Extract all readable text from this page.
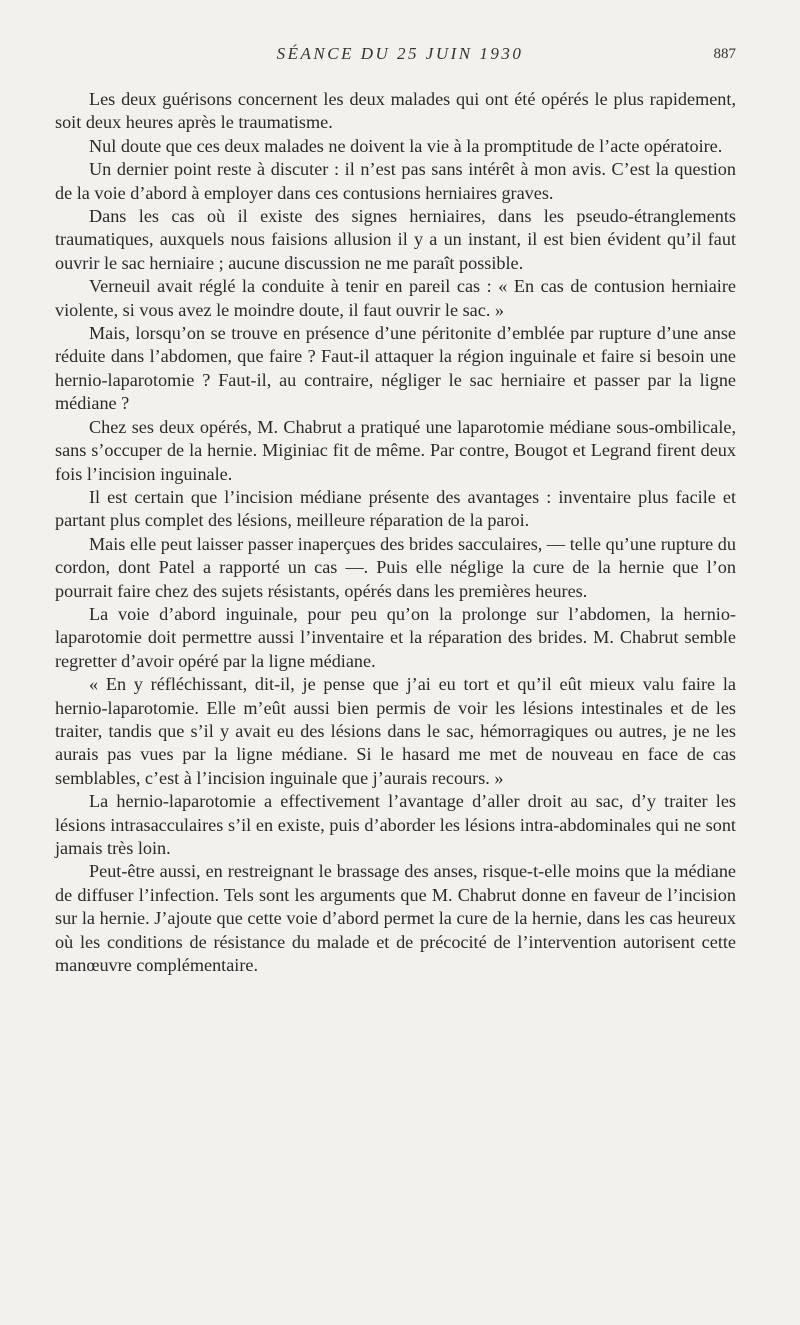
SÉANCE DU 25 JUIN 1930	887

Les deux guérisons concernent les deux malades qui ont été opérés le plus rapidement, soit deux heures après le traumatisme.

Nul doute que ces deux malades ne doivent la vie à la promptitude de l’acte opératoire.

Un dernier point reste à discuter : il n’est pas sans intérêt à mon avis. C’est la question de la voie d’abord à employer dans ces contusions herniaires graves.

Dans les cas où il existe des signes herniaires, dans les pseudo-étranglements traumatiques, auxquels nous faisions allusion il y a un instant, il est bien évident qu’il faut ouvrir le sac herniaire ; aucune discussion ne me paraît possible.

Verneuil avait réglé la conduite à tenir en pareil cas : « En cas de contusion herniaire violente, si vous avez le moindre doute, il faut ouvrir le sac. »

Mais, lorsqu’on se trouve en présence d’une péritonite d’emblée par rupture d’une anse réduite dans l’abdomen, que faire ? Faut-il attaquer la région inguinale et faire si besoin une hernio-laparotomie ? Faut-il, au contraire, négliger le sac herniaire et passer par la ligne médiane ?

Chez ses deux opérés, M. Chabrut a pratiqué une laparotomie médiane sous-ombilicale, sans s’occuper de la hernie. Miginiac fit de même. Par contre, Bougot et Legrand firent deux fois l’incision inguinale.

Il est certain que l’incision médiane présente des avantages : inventaire plus facile et partant plus complet des lésions, meilleure réparation de la paroi.

Mais elle peut laisser passer inaperçues des brides sacculaires, — telle qu’une rupture du cordon, dont Patel a rapporté un cas —. Puis elle néglige la cure de la hernie que l’on pourrait faire chez des sujets résistants, opérés dans les premières heures.

La voie d’abord inguinale, pour peu qu’on la prolonge sur l’abdomen, la hernio-laparotomie doit permettre aussi l’inventaire et la réparation des brides. M. Chabrut semble regretter d’avoir opéré par la ligne médiane.

« En y réfléchissant, dit-il, je pense que j’ai eu tort et qu’il eût mieux valu faire la hernio-laparotomie. Elle m’eût aussi bien permis de voir les lésions intestinales et de les traiter, tandis que s’il y avait eu des lésions dans le sac, hémorragiques ou autres, je ne les aurais pas vues par la ligne médiane. Si le hasard me met de nouveau en face de cas semblables, c’est à l’incision inguinale que j’aurais recours. »

La hernio-laparotomie a effectivement l’avantage d’aller droit au sac, d’y traiter les lésions intrasacculaires s’il en existe, puis d’aborder les lésions intra-abdominales qui ne sont jamais très loin.

Peut-être aussi, en restreignant le brassage des anses, risque-t-elle moins que la médiane de diffuser l’infection. Tels sont les arguments que M. Chabrut donne en faveur de l’incision sur la hernie. J’ajoute que cette voie d’abord permet la cure de la hernie, dans les cas heureux où les conditions de résistance du malade et de précocité de l’intervention autorisent cette manœuvre complémentaire.
